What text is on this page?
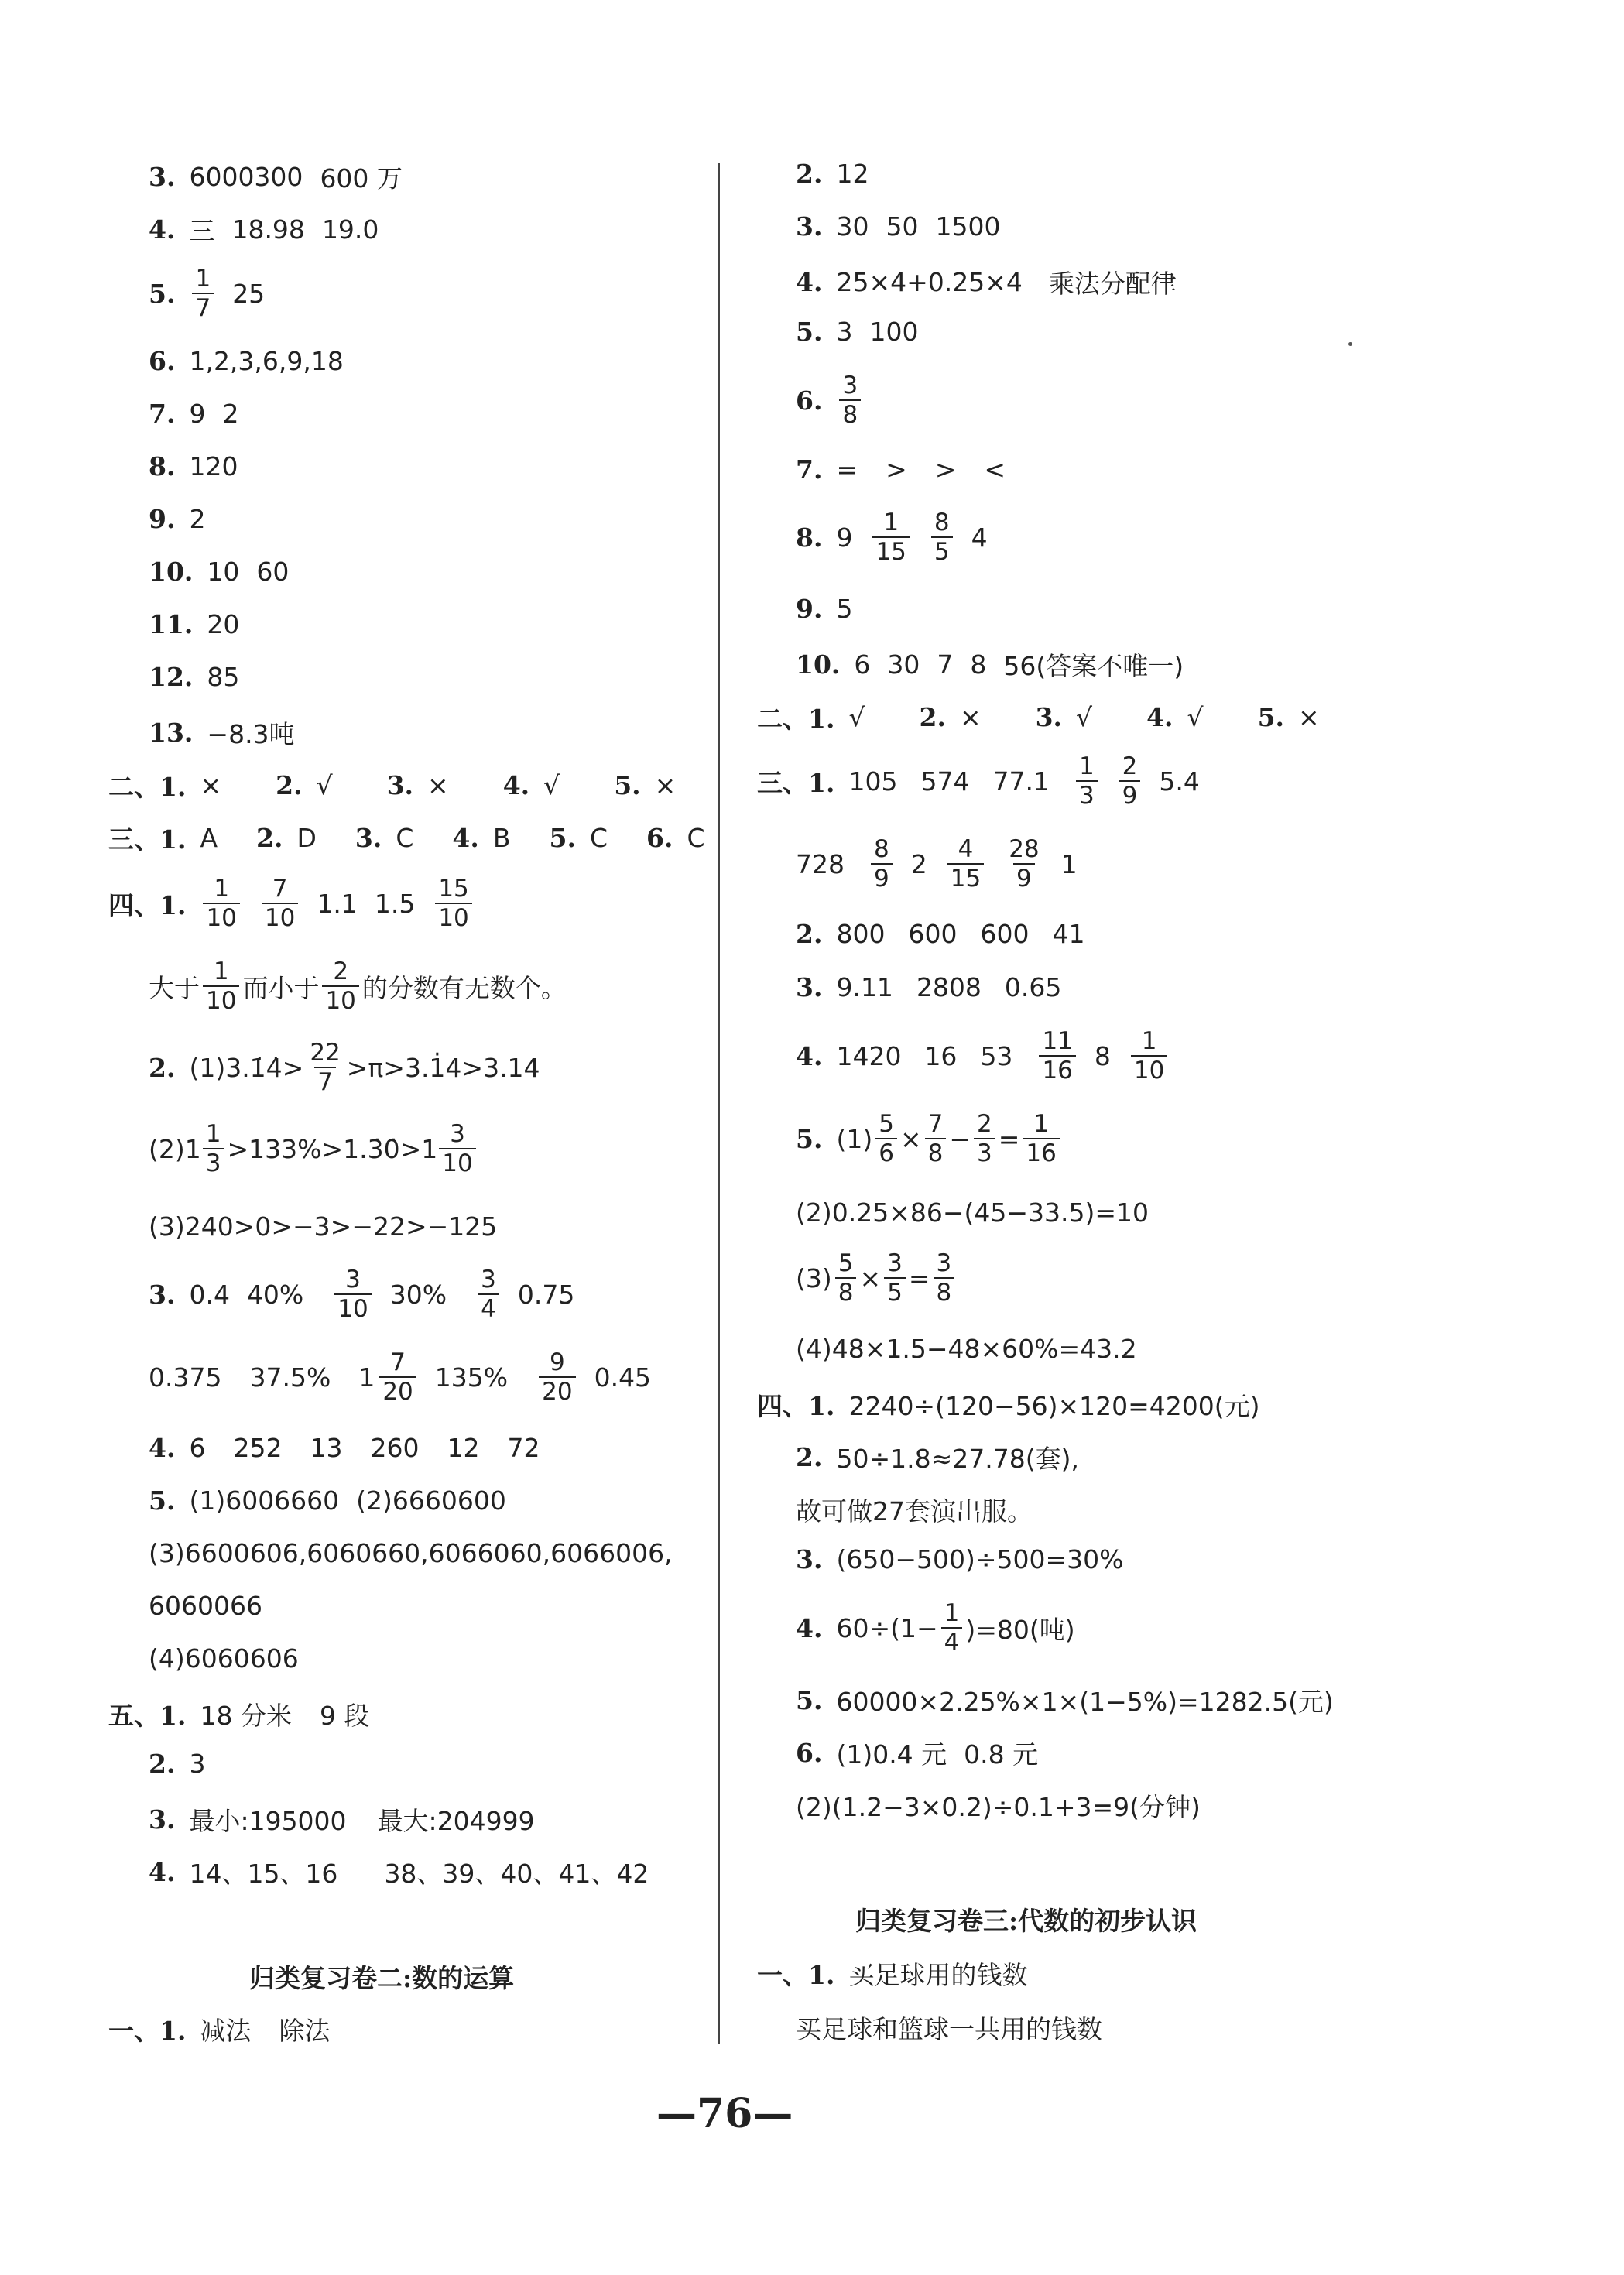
3. 6000300 600 万
4. 三 18.98 19.0
5. $\frac{1}{7} 25$
6. 1,2,3,6,9,18
7. 9 2
8. 120
9. 2
10. 10 60
11. 20
12. 85
13. −8.3吨
二、1. × 2. √ 3. × 4. √ 5. ×
三、1. A 2. D 3. C 4. B 5. C 6. C
四、1. $\frac{1}{10} \frac{7}{10} 1.1$ $1.5 \frac{15}{10}$
大于 $\frac{1}{10}$ 而小于 $\frac{2}{10}$ 的分数有无数个。
2. (1)3.1̇4̇> $\frac{22}{7}$ >π>3.1̇4>3.14
$(2)1 \frac{1}{3}$ >133%>1.3̇0̇>1 $\frac{3}{10}$
(3)240>0>−3>−22>−125
3. 0.4 $40\% \frac{3}{10} 30\% \frac{3}{4} 0.75$
0.375 37.5% $1 \frac{7}{20} 135\% \frac{9}{20} 0.45$
4. 6 252 13 260 12 72
5. (1)6006660 (2)6660600
(3)6600606,6060660,6066060,6066006,
6060066
(4)6060606
五、1. 18 分米 9 段
2. 3
3. 最小:195000 最大:204999
4. 14、15、16 38、39、40、41、42
归类复习卷二:数的运算
一、1. 减法 除法
2. 12
3. 30 50 1500
4. 25×4+0.25×4 乘法分配律
5. 3 100
6. $\frac{3}{8}$
7. = > > <
8. $9 \frac{1}{15} \frac{8}{5} 4$
9. 5
10. 6 30 7 8 56(答案不唯一)
二、1. √ 2. × 3. √ 4. √ 5. ×
三、1. 105 574 $77.1 \frac{1}{3} \frac{2}{9} 5.4$
$728 \frac{8}{9} 2 \frac{4}{15} \frac{28}{9} 1$
2. 800 600 600 41
3. 9.11 2808 0.65
4. 1420 16 $53 \frac{11}{16} 8 \frac{1}{10}$
5. $(1) \frac{5}{6} \times \frac{7}{8} - \frac{2}{3} = \frac{1}{16}$
(2)0.25×86−(45−33.5)=10
$(3) \frac{5}{8} \times \frac{3}{5} = \frac{3}{8}$
(4)48×1.5−48×60%=43.2
四、1. 2240÷(120−56)×120=4200(元)
2. 50÷1.8≈27.78(套),
故可做27套演出服。
3. (650−500)÷500=30%
4. $60\div(1- \frac{1}{4} )=80$(吨)
5. 60000×2.25%×1×(1−5%)=1282.5(元)
6. (1)0.4 元 0.8 元
(2)(1.2−3×0.2)÷0.1+3=9(分钟)
归类复习卷三:代数的初步认识
一、1. 买足球用的钱数
买足球和篮球一共用的钱数
—76—
